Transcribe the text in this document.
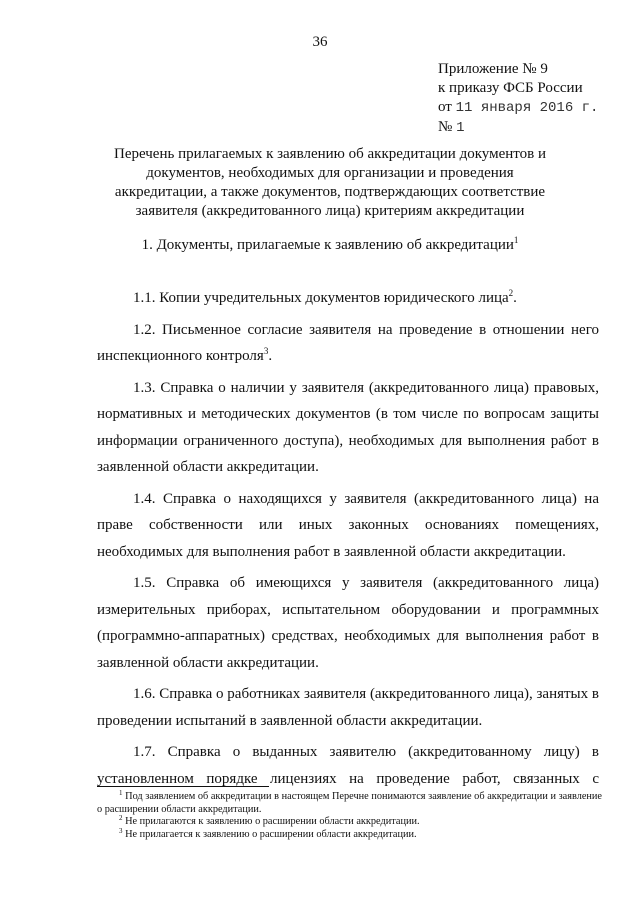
36
Приложение № 9
к приказу ФСБ России
от 11 января 2016 г.
№ 1
Перечень прилагаемых к заявлению об аккредитации документов и документов, необходимых для организации и проведения аккредитации, а также документов, подтверждающих соответствие заявителя (аккредитованного лица) критериям аккредитации
1. Документы, прилагаемые к заявлению об аккредитации$^1$

1.1. Копии учредительных документов юридического лица$^2$.

1.2. Письменное согласие заявителя на проведение в отношении него инспекционного контроля$^3$.

1.3. Справка о наличии у заявителя (аккредитованного лица) правовых, нормативных и методических документов (в том числе по вопросам защиты информации ограниченного доступа), необходимых для выполнения работ в заявленной области аккредитации.

1.4. Справка о находящихся у заявителя (аккредитованного лица) на праве собственности или иных законных основаниях помещениях, необходимых для выполнения работ в заявленной области аккредитации.

1.5. Справка об имеющихся у заявителя (аккредитованного лица) измерительных приборах, испытательном оборудовании и программных (программно-аппаратных) средствах, необходимых для выполнения работ в заявленной области аккредитации.

1.6. Справка о работниках заявителя (аккредитованного лица), занятых в проведении испытаний в заявленной области аккредитации.

1.7. Справка о выданных заявителю (аккредитованному лицу) в установленном порядке лицензиях на проведение работ, связанных с

$^1$ Под заявлением об аккредитации в настоящем Перечне понимаются заявление об аккредитации и заявление о расширении области аккредитации.
$^2$ Не прилагаются к заявлению о расширении области аккредитации.
$^3$ Не прилагается к заявлению о расширении области аккредитации.
